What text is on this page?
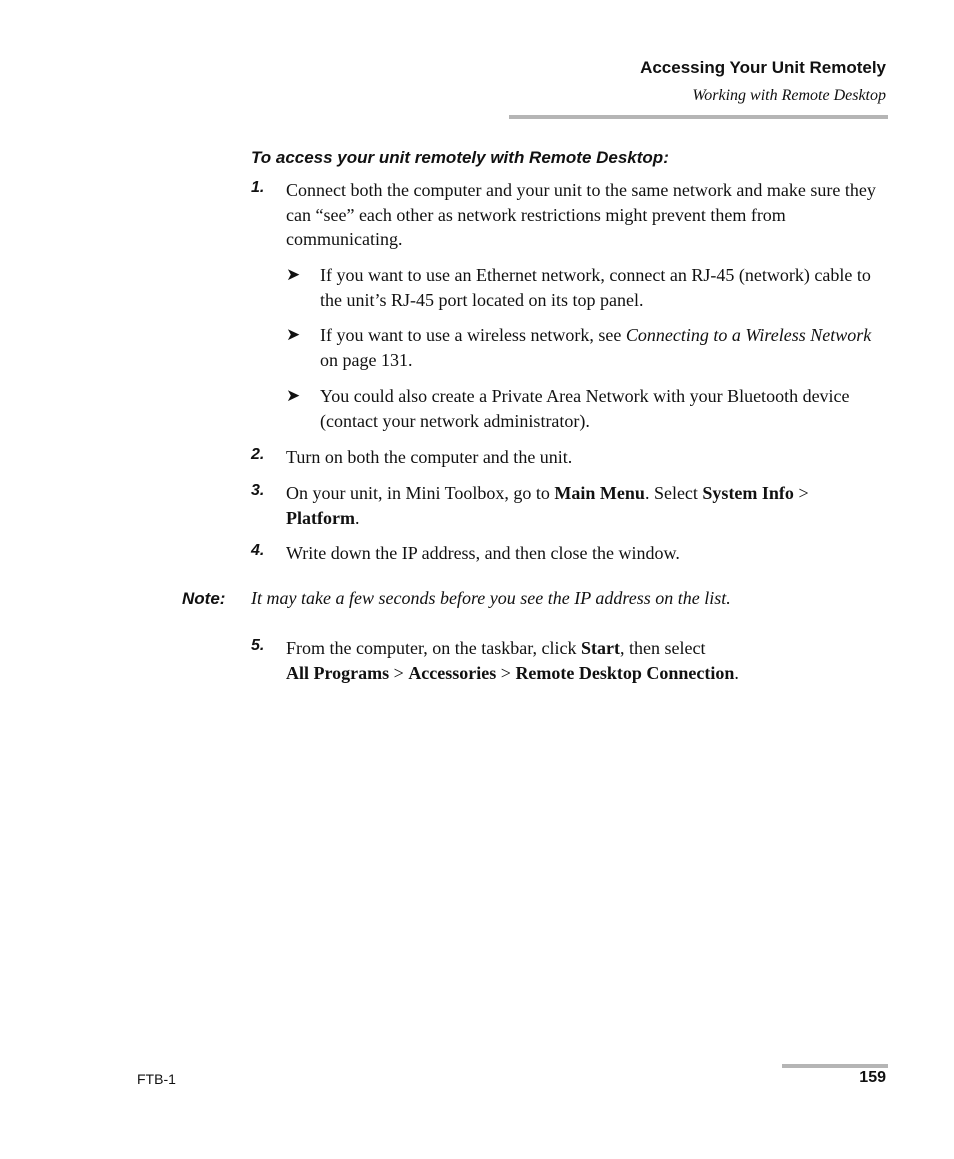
Accessing Your Unit Remotely
Working with Remote Desktop
To access your unit remotely with Remote Desktop:
1. Connect both the computer and your unit to the same network and make sure they can “see” each other as network restrictions might prevent them from communicating.
➤ If you want to use an Ethernet network, connect an RJ-45 (network) cable to the unit’s RJ-45 port located on its top panel.
➤ If you want to use a wireless network, see Connecting to a Wireless Network on page 131.
➤ You could also create a Private Area Network with your Bluetooth device (contact your network administrator).
2. Turn on both the computer and the unit.
3. On your unit, in Mini Toolbox, go to Main Menu. Select System Info >
Platform.
4. Write down the IP address, and then close the window.
Note: It may take a few seconds before you see the IP address on the list.
5. From the computer, on the taskbar, click Start, then select
All Programs > Accessories > Remote Desktop Connection.
FTB-1	159
